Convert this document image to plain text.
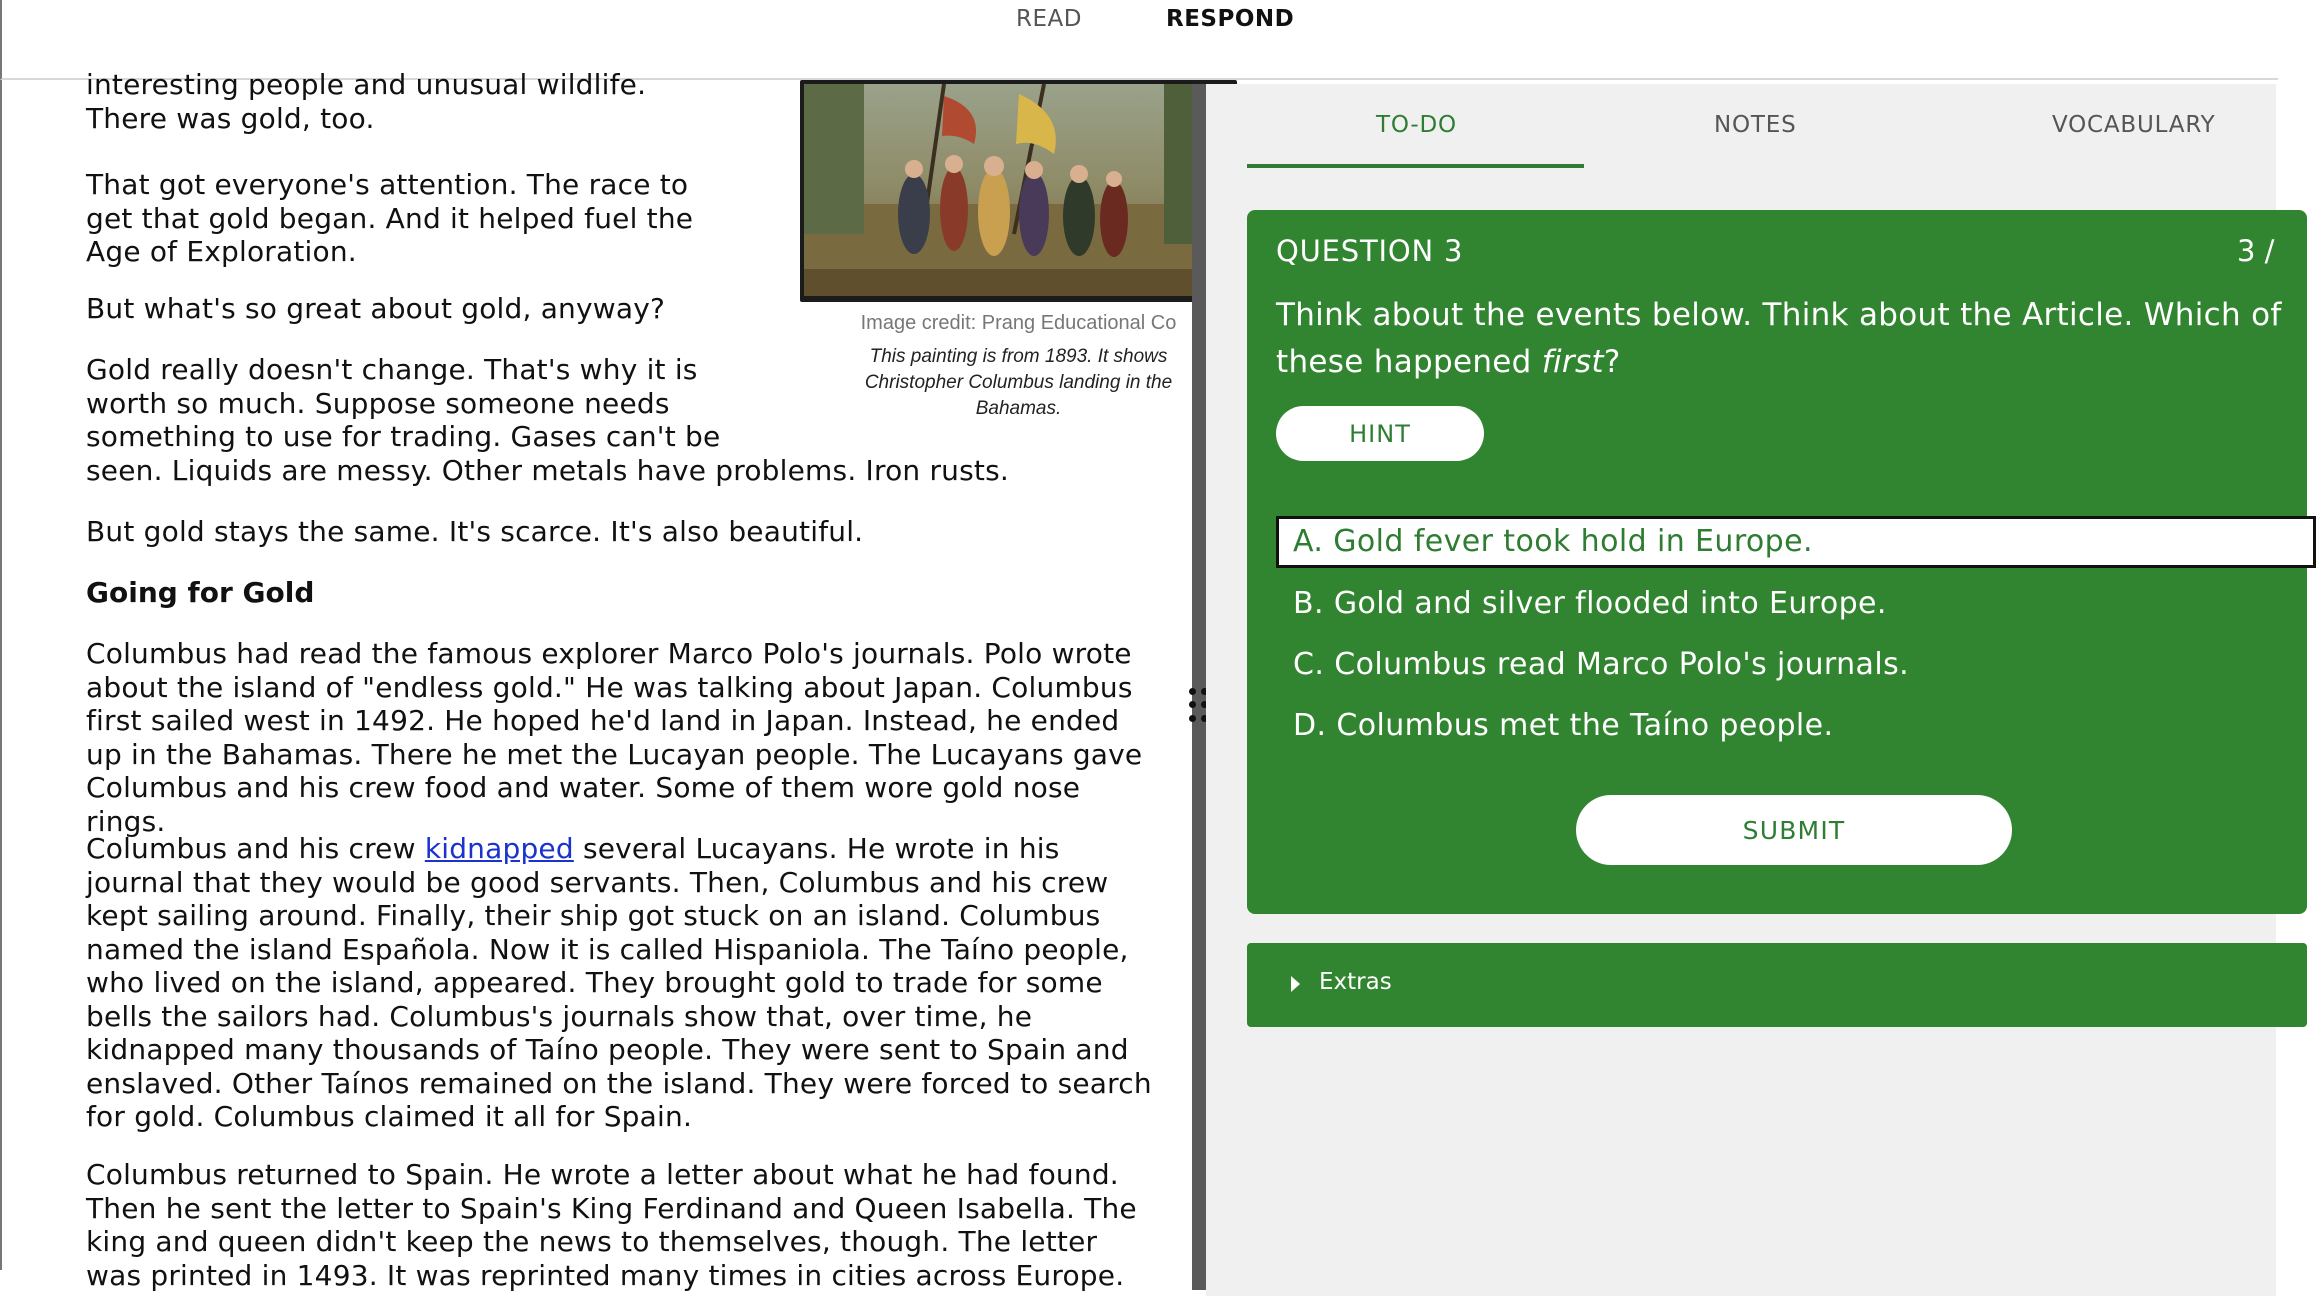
READ	RESPOND

interesting people and unusual wildlife. There was gold, too.

That got everyone's attention. The race to get that gold began. And it helped fuel the Age of Exploration.

But what's so great about gold, anyway?

Gold really doesn't change. That's why it is
worth so much. Suppose someone needs
something to use for trading. Gases can't be
seen. Liquids are messy. Other metals have problems. Iron rusts.

But gold stays the same. It's scarce. It's also beautiful.

Going for Gold

Columbus had read the famous explorer Marco Polo's journals. Polo wrote about the island of "endless gold." He was talking about Japan. Columbus first sailed west in 1492. He hoped he'd land in Japan. Instead, he ended up in the Bahamas. There he met the Lucayan people. The Lucayans gave Columbus and his crew food and water. Some of them wore gold nose rings.

Columbus and his crew kidnapped several Lucayans. He wrote in his journal that they would be good servants. Then, Columbus and his crew kept sailing around. Finally, their ship got stuck on an island. Columbus named the island Española. Now it is called Hispaniola. The Taíno people, who lived on the island, appeared. They brought gold to trade for some bells the sailors had. Columbus's journals show that, over time, he kidnapped many thousands of Taíno people. They were sent to Spain and enslaved. Other Taínos remained on the island. They were forced to search for gold. Columbus claimed it all for Spain.

Columbus returned to Spain. He wrote a letter about what he had found. Then he sent the letter to Spain's King Ferdinand and Queen Isabella. The king and queen didn't keep the news to themselves, though. The letter was printed in 1493. It was reprinted many times in cities across Europe.

Image credit: Prang Educational Co
This painting is from 1893. It shows Christopher Columbus landing in the Bahamas.
TO-DO	NOTES	VOCABULARY
QUESTION 3	3 /
Think about the events below. Think about the Article. Which of these happened first?
HINT
A. Gold fever took hold in Europe.
B. Gold and silver flooded into Europe.
C. Columbus read Marco Polo's journals.
D. Columbus met the Taíno people.
SUBMIT
Extras
